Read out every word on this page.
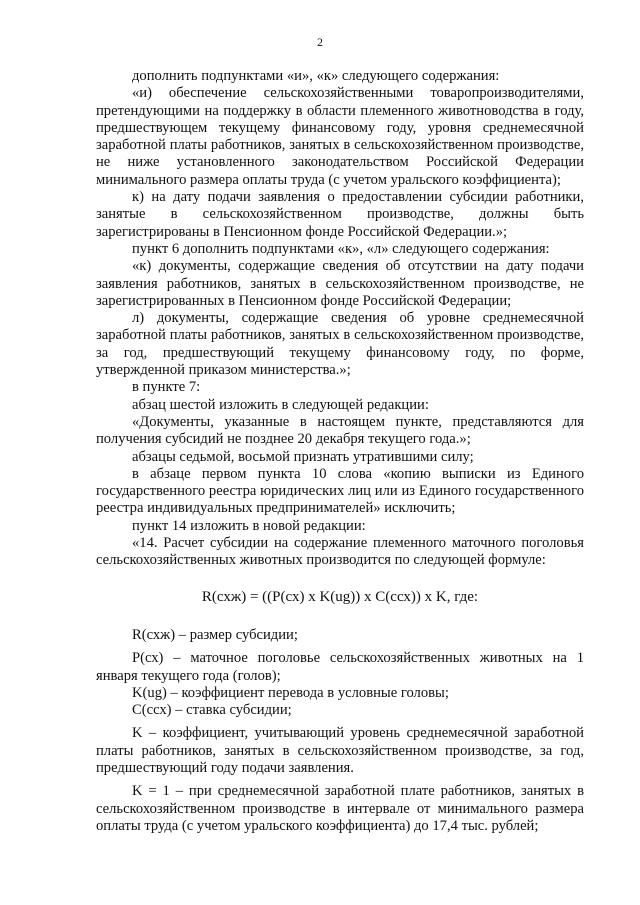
2

дополнить подпунктами «и», «к» следующего содержания:

«и) обеспечение сельскохозяйственными товаропроизводителями, претендующими на поддержку в области племенного животноводства в году, предшествующем текущему финансовому году, уровня среднемесячной заработной платы работников, занятых в сельскохозяйственном производстве, не ниже установленного законодательством Российской Федерации минимального размера оплаты труда (с учетом уральского коэффициента);

к) на дату подачи заявления о предоставлении субсидии работники, занятые в сельскохозяйственном производстве, должны быть зарегистрированы в Пенсионном фонде Российской Федерации.»;

пункт 6 дополнить подпунктами «к», «л» следующего содержания:

«к) документы, содержащие сведения об отсутствии на дату подачи заявления работников, занятых в сельскохозяйственном производстве, не зарегистрированных в Пенсионном фонде Российской Федерации;

л) документы, содержащие сведения об уровне среднемесячной заработной платы работников, занятых в сельскохозяйственном производстве, за год, предшествующий текущему финансовому году, по форме, утвержденной приказом министерства.»;

в пункте 7:

абзац шестой изложить в следующей редакции:

«Документы, указанные в настоящем пункте, представляются для получения субсидий не позднее 20 декабря текущего года.»;

абзацы седьмой, восьмой признать утратившими силу;

в абзаце первом пункта 10 слова «копию выписки из Единого государственного реестра юридических лиц или из Единого государственного реестра индивидуальных предпринимателей» исключить;

пункт 14 изложить в новой редакции:

«14. Расчет субсидии на содержание племенного маточного поголовья сельскохозяйственных животных производится по следующей формуле:

R(схж) = ((P(сх) x K(ug)) x C(ссх)) x K, где:

R(схж) – размер субсидии;

P(сх) – маточное поголовье сельскохозяйственных животных на 1 января текущего года (голов);

K(ug) – коэффициент перевода в условные головы;

C(ссх) – ставка субсидии;

K – коэффициент, учитывающий уровень среднемесячной заработной платы работников, занятых в сельскохозяйственном производстве, за год, предшествующий году подачи заявления.

K = 1 – при среднемесячной заработной плате работников, занятых в сельскохозяйственном производстве в интервале от минимального размера оплаты труда (с учетом уральского коэффициента) до 17,4 тыс. рублей;
